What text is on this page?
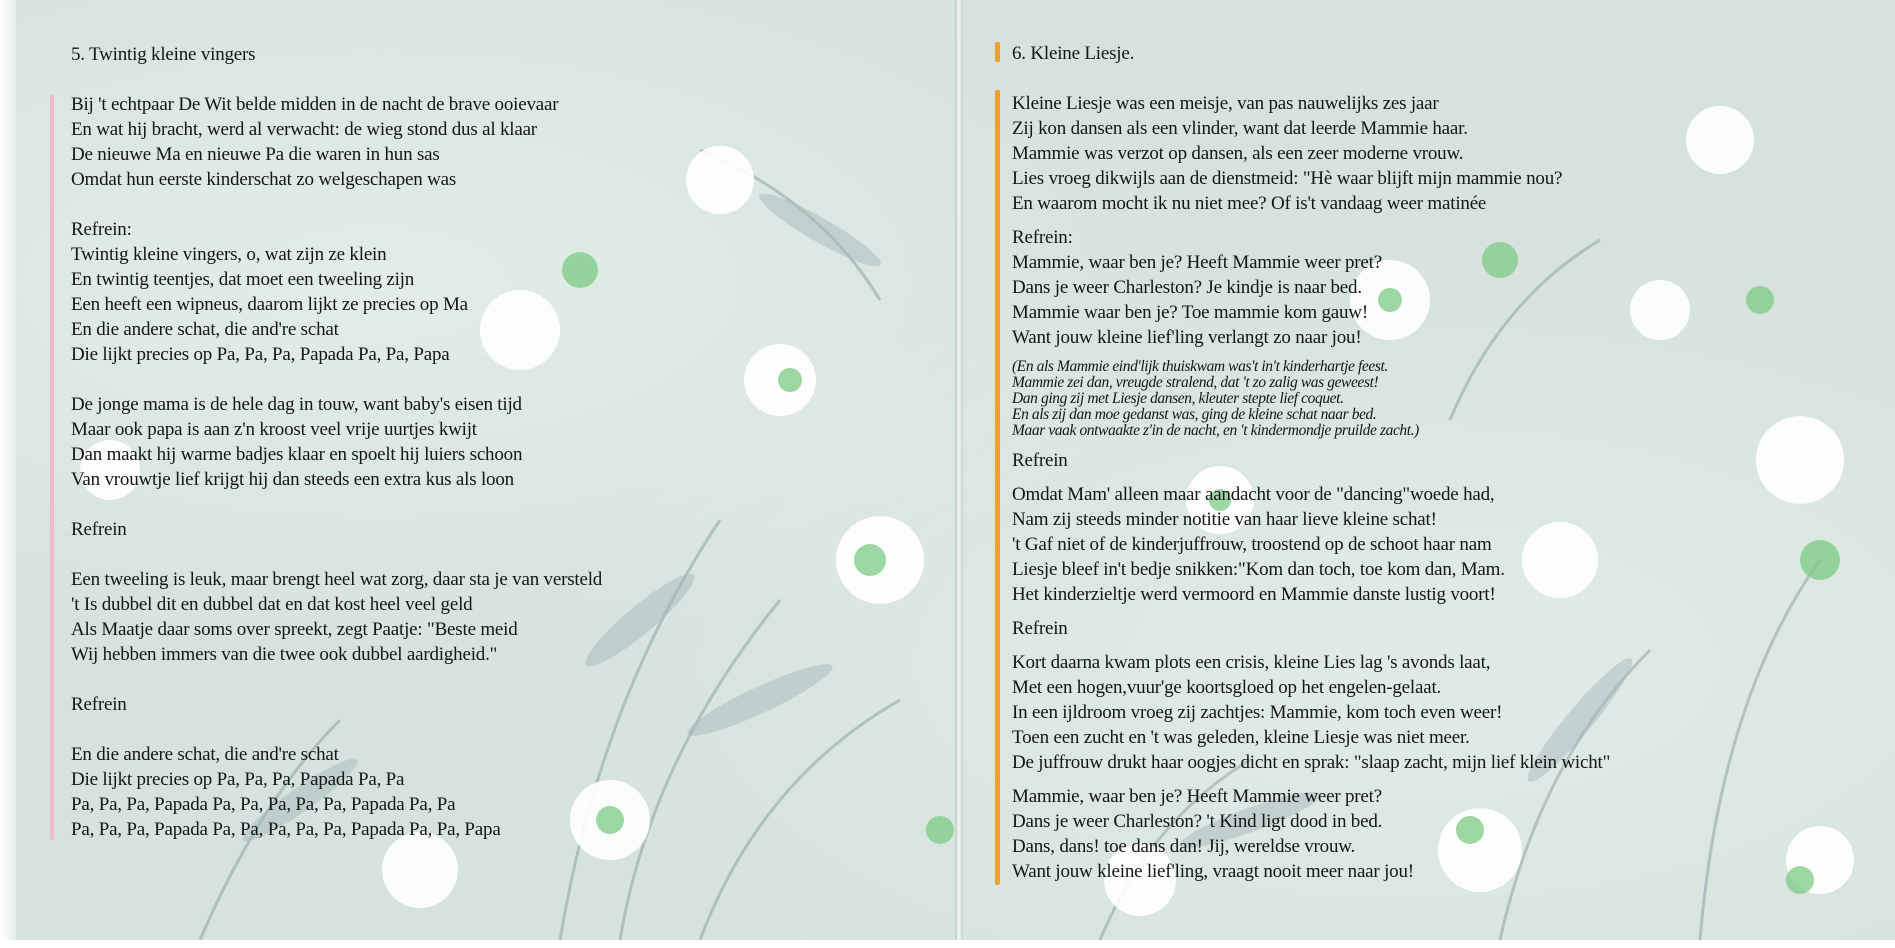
5. Twintig kleine vingers
Bij 't echtpaar De Wit belde midden in de nacht de brave ooievaar
En wat hij bracht, werd al verwacht: de wieg stond dus al klaar
De nieuwe Ma en nieuwe Pa die waren in hun sas
Omdat hun eerste kinderschat zo welgeschapen was
Refrein:
Twintig kleine vingers, o, wat zijn ze klein
En twintig teentjes, dat moet een tweeling zijn
Een heeft een wipneus, daarom lijkt ze precies op Ma
En die andere schat, die and're schat
Die lijkt precies op Pa, Pa, Pa, Papada Pa, Pa, Papa
De jonge mama is de hele dag in touw, want baby's eisen tijd
Maar ook papa is aan z'n kroost veel vrije uurtjes kwijt
Dan maakt hij warme badjes klaar en spoelt hij luiers schoon
Van vrouwtje lief krijgt hij dan steeds een extra kus als loon
Refrein
Een tweeling is leuk, maar brengt heel wat zorg, daar sta je van versteld
't Is dubbel dit en dubbel dat en dat kost heel veel geld
Als Maatje daar soms over spreekt, zegt Paatje: "Beste meid
Wij hebben immers van die twee ook dubbel aardigheid."
Refrein
En die andere schat, die and're schat
Die lijkt precies op Pa, Pa, Pa, Papada Pa, Pa
Pa, Pa, Pa, Papada Pa, Pa, Pa, Pa, Pa, Papada Pa, Pa
Pa, Pa, Pa, Papada Pa, Pa, Pa, Pa, Pa, Papada Pa, Pa, Papa
6. Kleine Liesje.
Kleine Liesje was een meisje, van pas nauwelijks zes jaar
Zij kon dansen als een vlinder, want dat leerde Mammie haar.
Mammie was verzot op dansen, als een zeer moderne vrouw.
Lies vroeg dikwijls aan de dienstmeid: "Hè waar blijft mijn mammie nou?
En waarom mocht ik nu niet mee? Of is't vandaag weer matinée
Refrein:
Mammie, waar ben je? Heeft Mammie weer pret?
Dans je weer Charleston? Je kindje is naar bed.
Mammie waar ben je? Toe mammie kom gauw!
Want jouw kleine lief'ling verlangt zo naar jou!
(En als Mammie eind'lijk thuiskwam was't in't kinderhartje feest.
Mammie zei dan, vreugde stralend, dat 't zo zalig was geweest!
Dan ging zij met Liesje dansen, kleuter stepte lief coquet.
En als zij dan moe gedanst was, ging de kleine schat naar bed.
Maar vaak ontwaakte z'in de nacht, en 't kindermondje pruilde zacht.)
Refrein
Omdat Mam' alleen maar aandacht voor de "dancing"woede had,
Nam zij steeds minder notitie van haar lieve kleine schat!
't Gaf niet of de kinderjuffrouw, troostend op de schoot haar nam
Liesje bleef in't bedje snikken:"Kom dan toch, toe kom dan, Mam.
Het kinderzieltje werd vermoord en Mammie danste lustig voort!
Refrein
Kort daarna kwam plots een crisis, kleine Lies lag 's avonds laat,
Met een hogen,vuur'ge koortsgloed op het engelen-gelaat.
In een ijldroom vroeg zij zachtjes: Mammie, kom toch even weer!
Toen een zucht en 't was geleden, kleine Liesje was niet meer.
De juffrouw drukt haar oogjes dicht en sprak: "slaap zacht, mijn lief klein wicht"
Mammie, waar ben je? Heeft Mammie weer pret?
Dans je weer Charleston? 't Kind ligt dood in bed.
Dans, dans! toe dans dan! Jij, wereldse vrouw.
Want jouw kleine lief'ling, vraagt nooit meer naar jou!
